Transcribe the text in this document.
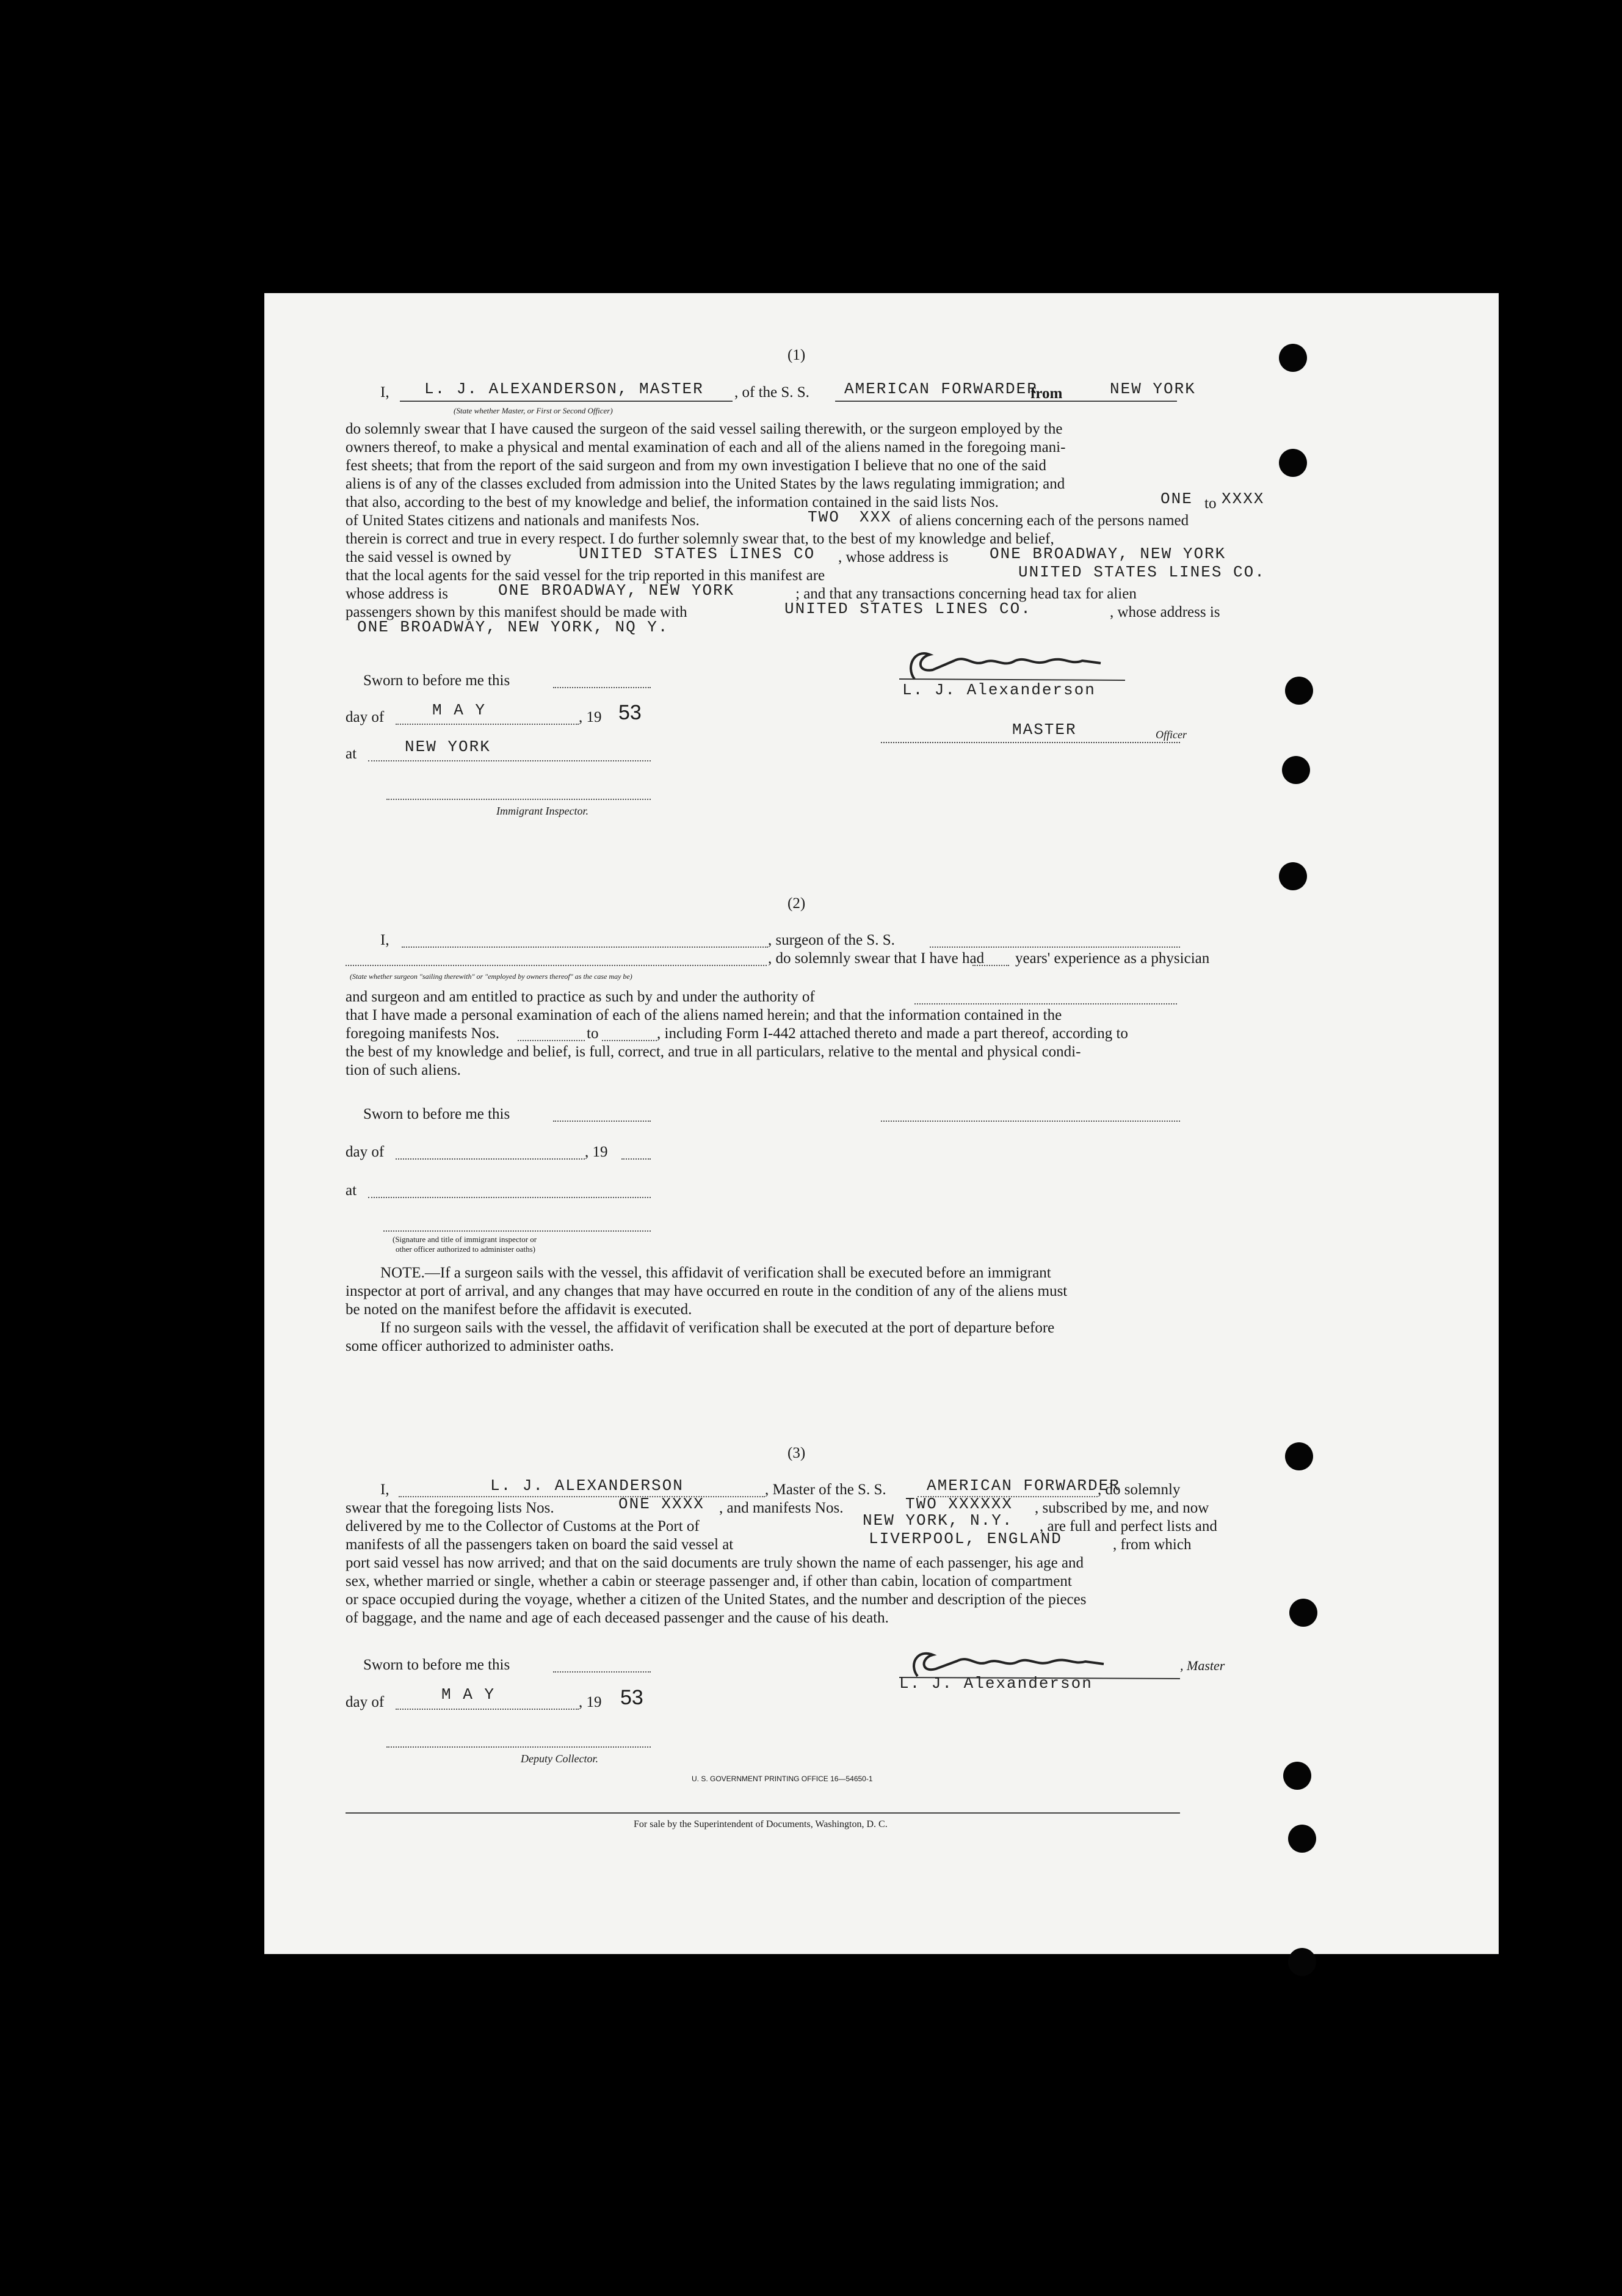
(1)
I, L. J. ALEXANDERSON, MASTER , of the S. S. AMERICAN FORWARDER
from	NEW YORK
(State whether Master, or First or Second Officer)
do solemnly swear that I have caused the surgeon of the said vessel sailing therewith, or the surgeon employed by the
owners thereof, to make a physical and mental examination of each and all of the aliens named in the foregoing mani-
fest sheets; that from the report of the said surgeon and from my own investigation I believe that no one of the said
aliens is of any of the classes excluded from admission into the United States by the laws regulating immigration; and
that also, according to the best of my knowledge and belief, the information contained in the said lists Nos.	ONE to XXXX
of United States citizens and nationals and manifests Nos.	TWO XXX of aliens concerning each of the persons named
therein is correct and true in every respect. I do further solemnly swear that, to the best of my knowledge and belief,
the said vessel is owned by	UNITED STATES LINES CO , whose address is	ONE BROADWAY, NEW YORK
that the local agents for the said vessel for the trip reported in this manifest are	UNITED STATES LINES CO.
whose address is	ONE BROADWAY, NEW YORK	; and that any transactions concerning head tax for alien
passengers shown by this manifest should be made with	UNITED STATES LINES CO.	, whose address is
ONE BROADWAY, NEW YORK, NQ Y.
Sworn to before me this
day of	M A Y	, 19 53
at	NEW YORK
Immigrant Inspector.
L. J. Alexanderson
MASTER	Officer
(2)
I,	, surgeon of the S. S.
, do solemnly swear that I have had years' experience as a physician
(State whether surgeon "sailing therewith" or "employed by owners thereof" as the case may be)
and surgeon and am entitled to practice as such by and under the authority of
that I have made a personal examination of each of the aliens named herein; and that the information contained in the
foregoing manifests Nos.	to	, including Form I-442 attached thereto and made a part thereof, according to
the best of my knowledge and belief, is full, correct, and true in all particulars, relative to the mental and physical condi-
tion of such aliens.
Sworn to before me this
day of	, 19
at
(Signature and title of immigrant inspector or
other officer authorized to administer oaths)
NOTE.—If a surgeon sails with the vessel, this affidavit of verification shall be executed before an immigrant
inspector at port of arrival, and any changes that may have occurred en route in the condition of any of the aliens must
be noted on the manifest before the affidavit is executed.
If no surgeon sails with the vessel, the affidavit of verification shall be executed at the port of departure before
some officer authorized to administer oaths.
(3)
I,	L. J. ALEXANDERSON	, Master of the S. S.	AMERICAN FORWARDER
, do solemnly
swear that the foregoing lists Nos.	ONE XXXX , and manifests Nos.	TWO XXXXXX , subscribed by me, and now
delivered by me to the Collector of Customs at the Port of	NEW YORK, N.Y. , are full and perfect lists and
manifests of all the passengers taken on board the said vessel at	LIVERPOOL, ENGLAND	, from which
port said vessel has now arrived; and that on the said documents are truly shown the name of each passenger, his age and
sex, whether married or single, whether a cabin or steerage passenger and, if other than cabin, location of compartment
or space occupied during the voyage, whether a citizen of the United States, and the number and description of the pieces
of baggage, and the name and age of each deceased passenger and the cause of his death.
Sworn to before me this
day of	M A Y	, 19 53
Deputy Collector.
L. J. Alexanderson
, Master
U. S. GOVERNMENT PRINTING OFFICE 16—54650-1
For sale by the Superintendent of Documents, Washington, D. C.
